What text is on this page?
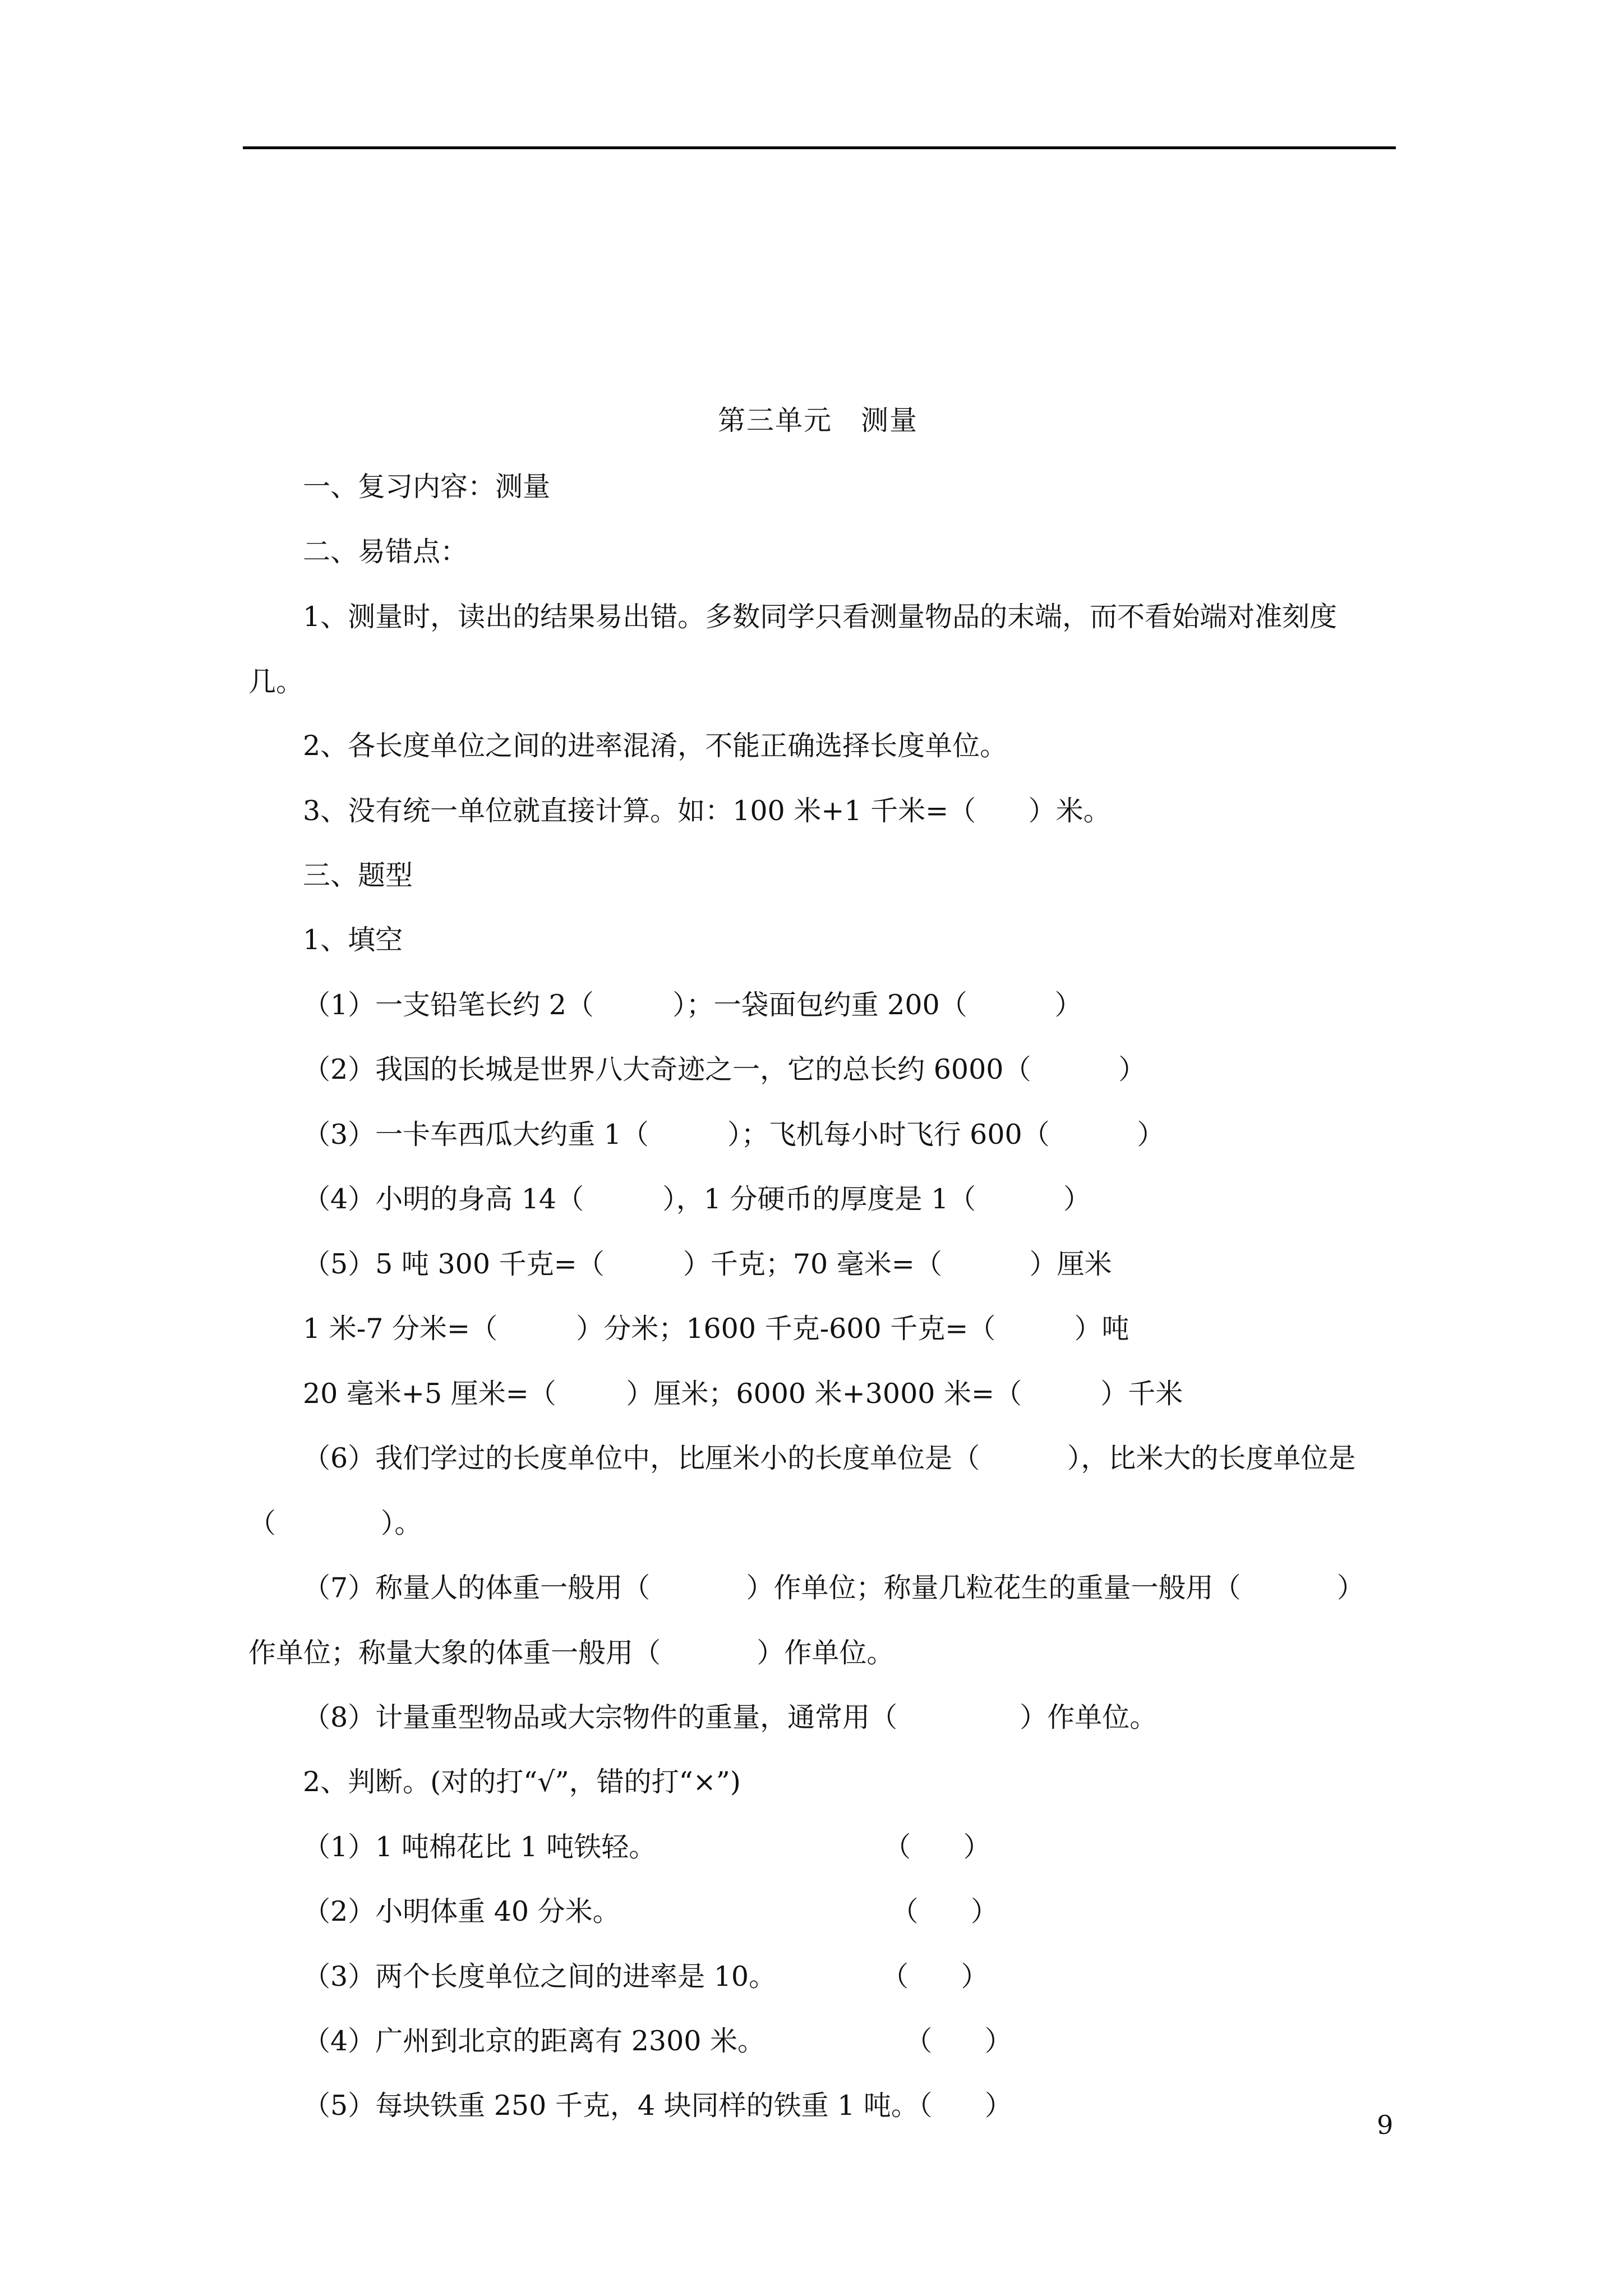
第三单元　测量
一、复习内容：测量
二、易错点：
1、测量时，读出的结果易出错。多数同学只看测量物品的末端，而不看始端对准刻度
几。
2、各长度单位之间的进率混淆，不能正确选择长度单位。
3、没有统一单位就直接计算。如：100 米+1 千米=（      ）米。
三、题型
1、填空
（1）一支铅笔长约 2（         ）；一袋面包约重 200（          ）
（2）我国的长城是世界八大奇迹之一，它的总长约 6000（          ）
（3）一卡车西瓜大约重 1（         ）；飞机每小时飞行 600（          ）
（4）小明的身高 14（         ），1 分硬币的厚度是 1（          ）
（5）5 吨 300 千克=（         ）千克；70 毫米=（          ）厘米
1 米-7 分米=（         ）分米；1600 千克-600 千克=（         ）吨
20 毫米+5 厘米=（        ）厘米；6000 米+3000 米=（         ）千米
（6）我们学过的长度单位中，比厘米小的长度单位是（          ），比米大的长度单位是
（            ）。
（7）称量人的体重一般用（           ）作单位；称量几粒花生的重量一般用（           ）
作单位；称量大象的体重一般用（           ）作单位。
（8）计量重型物品或大宗物件的重量，通常用（              ）作单位。
2、判断。(对的打“√”，错的打“×”)
（1）1 吨棉花比 1 吨铁轻。                          （      ）
（2）小明体重 40 分米。                               （      ）
（3）两个长度单位之间的进率是 10。            （      ）
（4）广州到北京的距离有 2300 米。                （      ）
（5）每块铁重 250 千克，4 块同样的铁重 1 吨。（      ）
9
